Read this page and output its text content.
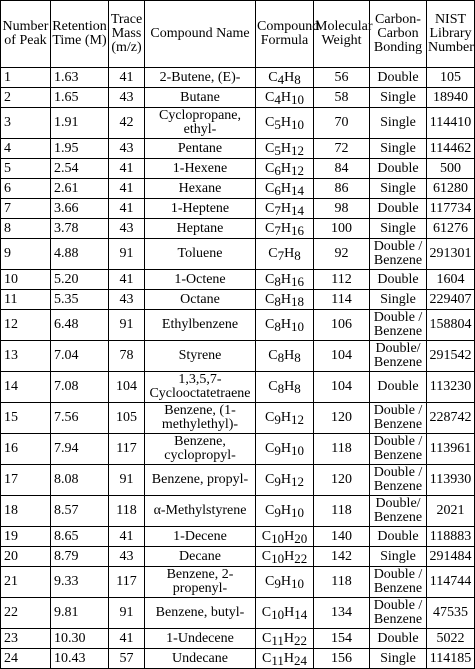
Number of Peak	Retention Time (M)	Trace Mass (m/z)	Compound Name	Compound Formula	Molecular Weight	Carbon-Carbon Bonding	NIST Library Number
1	1.63	41	2-Butene, (E)-	$C_4H_8$	56	Double	105
2	1.65	43	Butane	$C_4H_{10}$	58	Single	18940
3	1.91	42	Cyclopropane, ethyl-	$C_5H_{10}$	70	Single	114410
4	1.95	43	Pentane	$C_5H_{12}$	72	Single	114462
5	2.54	41	1-Hexene	$C_6H_{12}$	84	Double	500
6	2.61	41	Hexane	$C_6H_{14}$	86	Single	61280
7	3.66	41	1-Heptene	$C_7H_{14}$	98	Double	117734
8	3.78	43	Heptane	$C_7H_{16}$	100	Single	61276
9	4.88	91	Toluene	$C_7H_8$	92	Double / Benzene	291301
10	5.20	41	1-Octene	$C_8H_{16}$	112	Double	1604
11	5.35	43	Octane	$C_8H_{18}$	114	Single	229407
12	6.48	91	Ethylbenzene	$C_8H_{10}$	106	Double / Benzene	158804
13	7.04	78	Styrene	$C_8H_8$	104	Double/ Benzene	291542
14	7.08	104	1,3,5,7-Cyclooctatetraene	$C_8H_8$	104	Double	113230
15	7.56	105	Benzene, (1-methylethyl)-	$C_9H_{12}$	120	Double / Benzene	228742
16	7.94	117	Benzene, cyclopropyl-	$C_9H_{10}$	118	Double / Benzene	113961
17	8.08	91	Benzene, propyl-	$C_9H_{12}$	120	Double / Benzene	113930
18	8.57	118	α-Methylstyrene	$C_9H_{10}$	118	Double/ Benzene	2021
19	8.65	41	1-Decene	$C_{10}H_{20}$	140	Double	118883
20	8.79	43	Decane	$C_{10}H_{22}$	142	Single	291484
21	9.33	117	Benzene, 2-propenyl-	$C_9H_{10}$	118	Double / Benzene	114744
22	9.81	91	Benzene, butyl-	$C_{10}H_{14}$	134	Double / Benzene	47535
23	10.30	41	1-Undecene	$C_{11}H_{22}$	154	Double	5022
24	10.43	57	Undecane	$C_{11}H_{24}$	156	Single	114185
